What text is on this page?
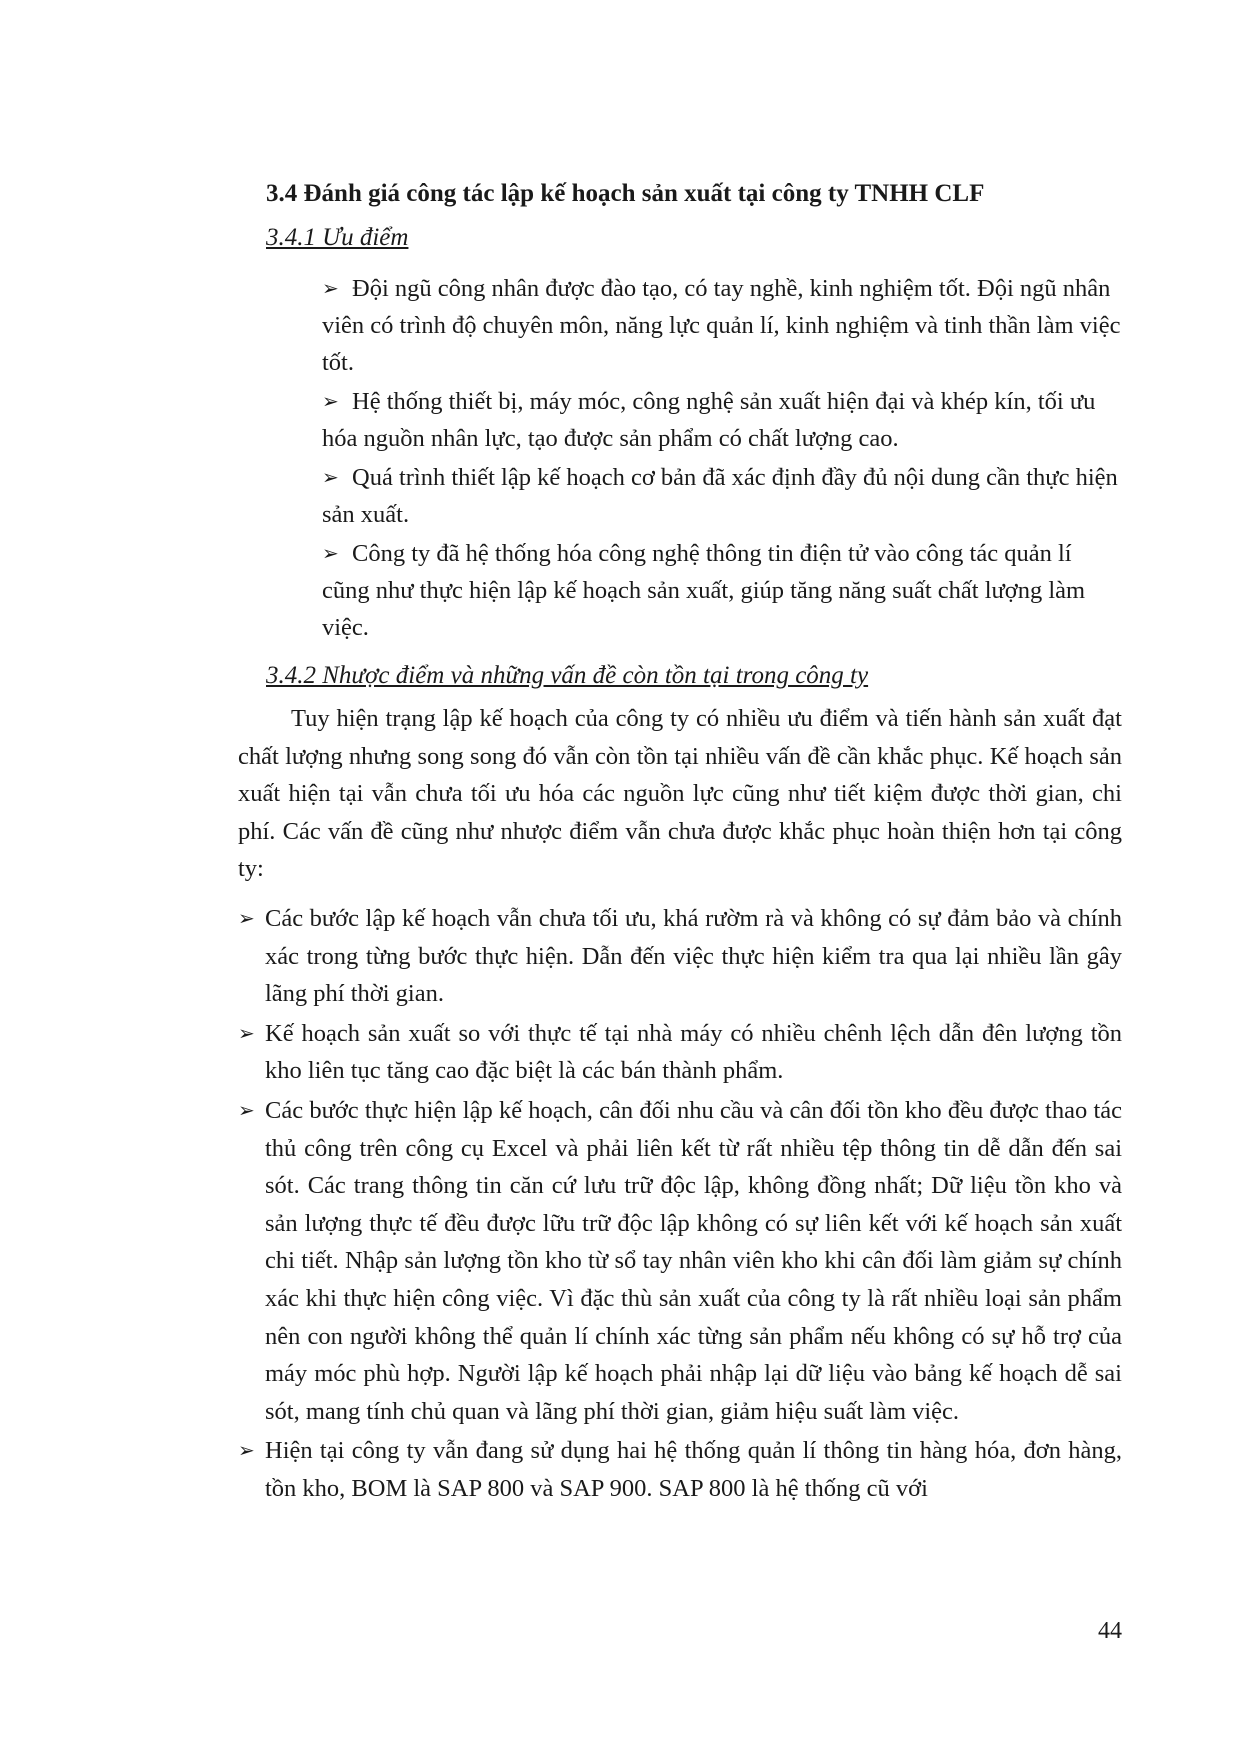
3.4 Đánh giá công tác lập kế hoạch sản xuất tại công ty TNHH CLF
3.4.1 Ưu điểm
➢ Đội ngũ công nhân được đào tạo, có tay nghề, kinh nghiệm tốt. Đội ngũ nhân viên có trình độ chuyên môn, năng lực quản lí, kinh nghiệm và tinh thần làm việc tốt.
➢ Hệ thống thiết bị, máy móc, công nghệ sản xuất hiện đại và khép kín, tối ưu hóa nguồn nhân lực, tạo được sản phẩm có chất lượng cao.
➢ Quá trình thiết lập kế hoạch cơ bản đã xác định đầy đủ nội dung cần thực hiện sản xuất.
➢ Công ty đã hệ thống hóa công nghệ thông tin điện tử vào công tác quản lí cũng như thực hiện lập kế hoạch sản xuất, giúp tăng năng suất chất lượng làm việc.
3.4.2 Nhược điểm và những vấn đề còn tồn tại trong công ty

Tuy hiện trạng lập kế hoạch của công ty có nhiều ưu điểm và tiến hành sản xuất đạt chất lượng nhưng song song đó vẫn còn tồn tại nhiều vấn đề cần khắc phục. Kế hoạch sản xuất hiện tại vẫn chưa tối ưu hóa các nguồn lực cũng như tiết kiệm được thời gian, chi phí. Các vấn đề cũng như nhược điểm vẫn chưa được khắc phục hoàn thiện hơn tại công ty:

➢ Các bước lập kế hoạch vẫn chưa tối ưu, khá rườm rà và không có sự đảm bảo và chính xác trong từng bước thực hiện. Dẫn đến việc thực hiện kiểm tra qua lại nhiều lần gây lãng phí thời gian.
➢ Kế hoạch sản xuất so với thực tế tại nhà máy có nhiều chênh lệch dẫn đên lượng tồn kho liên tục tăng cao đặc biệt là các bán thành phẩm.
➢ Các bước thực hiện lập kế hoạch, cân đối nhu cầu và cân đối tồn kho đều được thao tác thủ công trên công cụ Excel và phải liên kết từ rất nhiều tệp thông tin dễ dẫn đến sai sót. Các trang thông tin căn cứ lưu trữ độc lập, không đồng nhất; Dữ liệu tồn kho và sản lượng thực tế đều được lữu trữ độc lập không có sự liên kết với kế hoạch sản xuất chi tiết. Nhập sản lượng tồn kho từ sổ tay nhân viên kho khi cân đối làm giảm sự chính xác khi thực hiện công việc. Vì đặc thù sản xuất của công ty là rất nhiều loại sản phẩm nên con người không thể quản lí chính xác từng sản phẩm nếu không có sự hỗ trợ của máy móc phù hợp. Người lập kế hoạch phải nhập lại dữ liệu vào bảng kế hoạch dễ sai sót, mang tính chủ quan và lãng phí thời gian, giảm hiệu suất làm việc.
➢ Hiện tại công ty vẫn đang sử dụng hai hệ thống quản lí thông tin hàng hóa, đơn hàng, tồn kho, BOM là SAP 800 và SAP 900. SAP 800 là hệ thống cũ với
44
